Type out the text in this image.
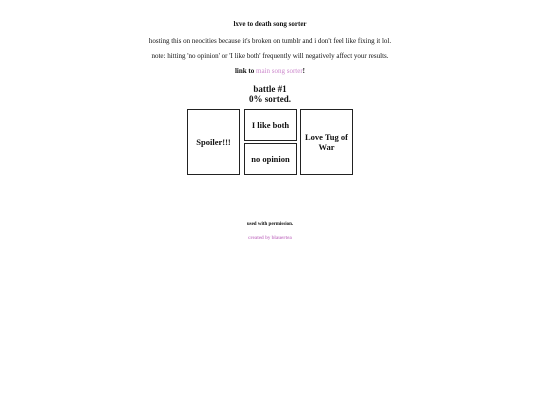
lxve to death song sorter
hosting this on neocities because it's broken on tumblr and i don't feel like fixing it lol.
note: hitting 'no opinion' or 'I like both' frequently will negatively affect your results.
link to main song sorter!
battle #1
0% sorted.
Spoiler!!!
I like both
no opinion
Love Tug of War
used with permission.
created by blauertea
